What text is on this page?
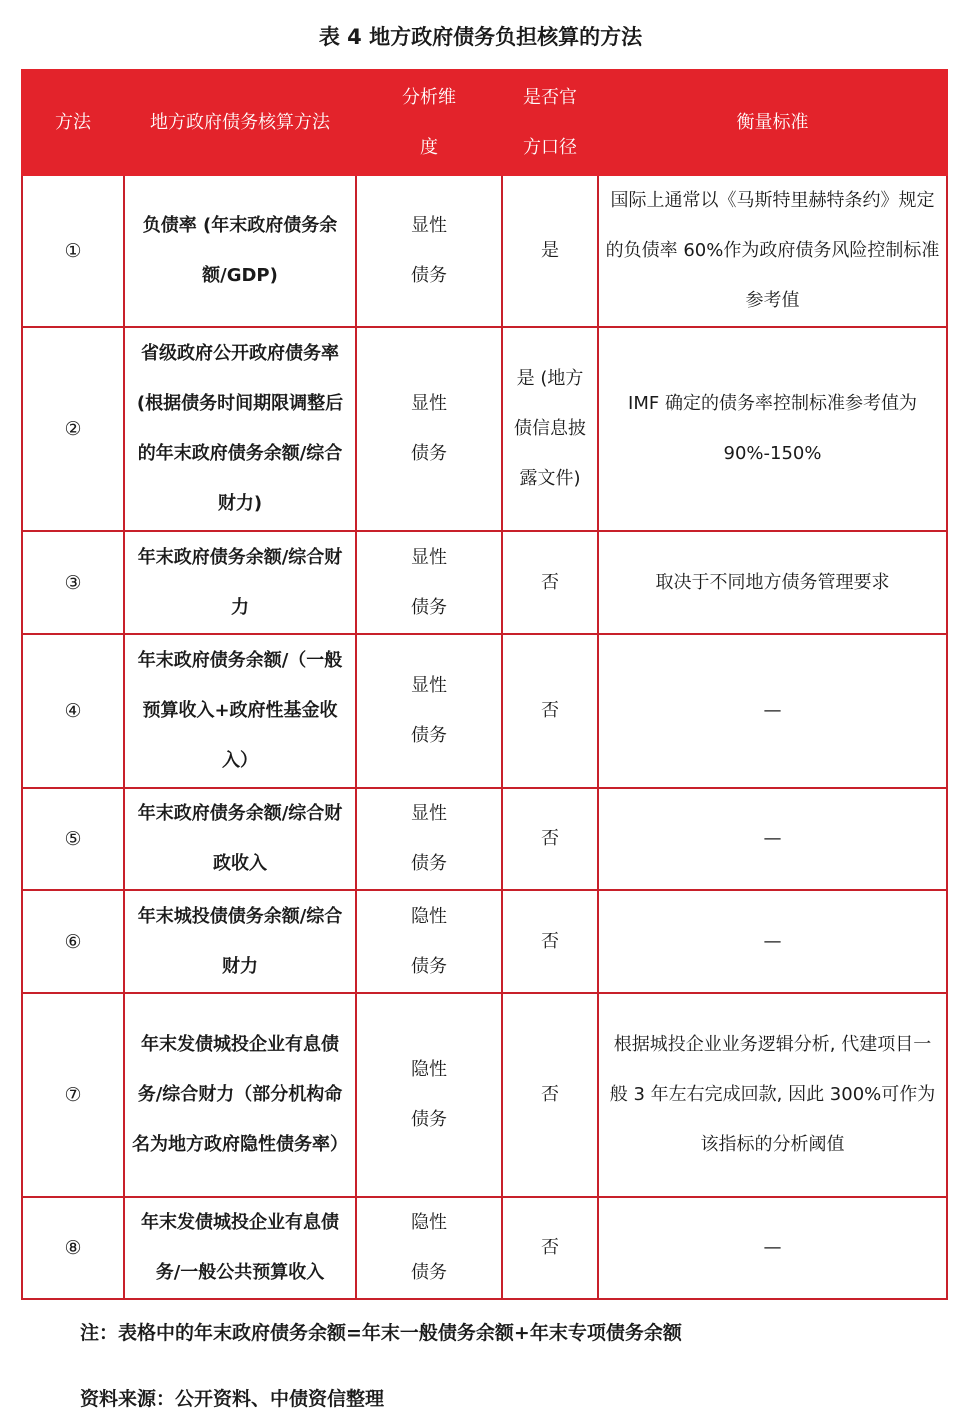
表 4 地方政府债务负担核算的方法
方法	地方政府债务核算方法	分析维度	是否官方口径	衡量标准
①	负债率 (年末政府债务余额/GDP)	显性债务	是	国际上通常以《马斯特里赫特条约》规定的负债率 60%作为政府债务风险控制标准参考值
②	省级政府公开政府债务率 (根据债务时间期限调整后的年末政府债务余额/综合财力)	显性债务	是 (地方债信息披露文件)	IMF 确定的债务率控制标准参考值为 90%-150%
③	年末政府债务余额/综合财力	显性债务	否	取决于不同地方债务管理要求
④	年末政府债务余额/（一般预算收入+政府性基金收入）	显性债务	否	—
⑤	年末政府债务余额/综合财政收入	显性债务	否	—
⑥	年末城投债债务余额/综合财力	隐性债务	否	—
⑦	年末发债城投企业有息债务/综合财力（部分机构命名为地方政府隐性债务率）	隐性债务	否	根据城投企业业务逻辑分析, 代建项目一般 3 年左右完成回款, 因此 300%可作为该指标的分析阈值
⑧	年末发债城投企业有息债务/一般公共预算收入	隐性债务	否	—
注：表格中的年末政府债务余额=年末一般债务余额+年末专项债务余额
资料来源：公开资料、中债资信整理
